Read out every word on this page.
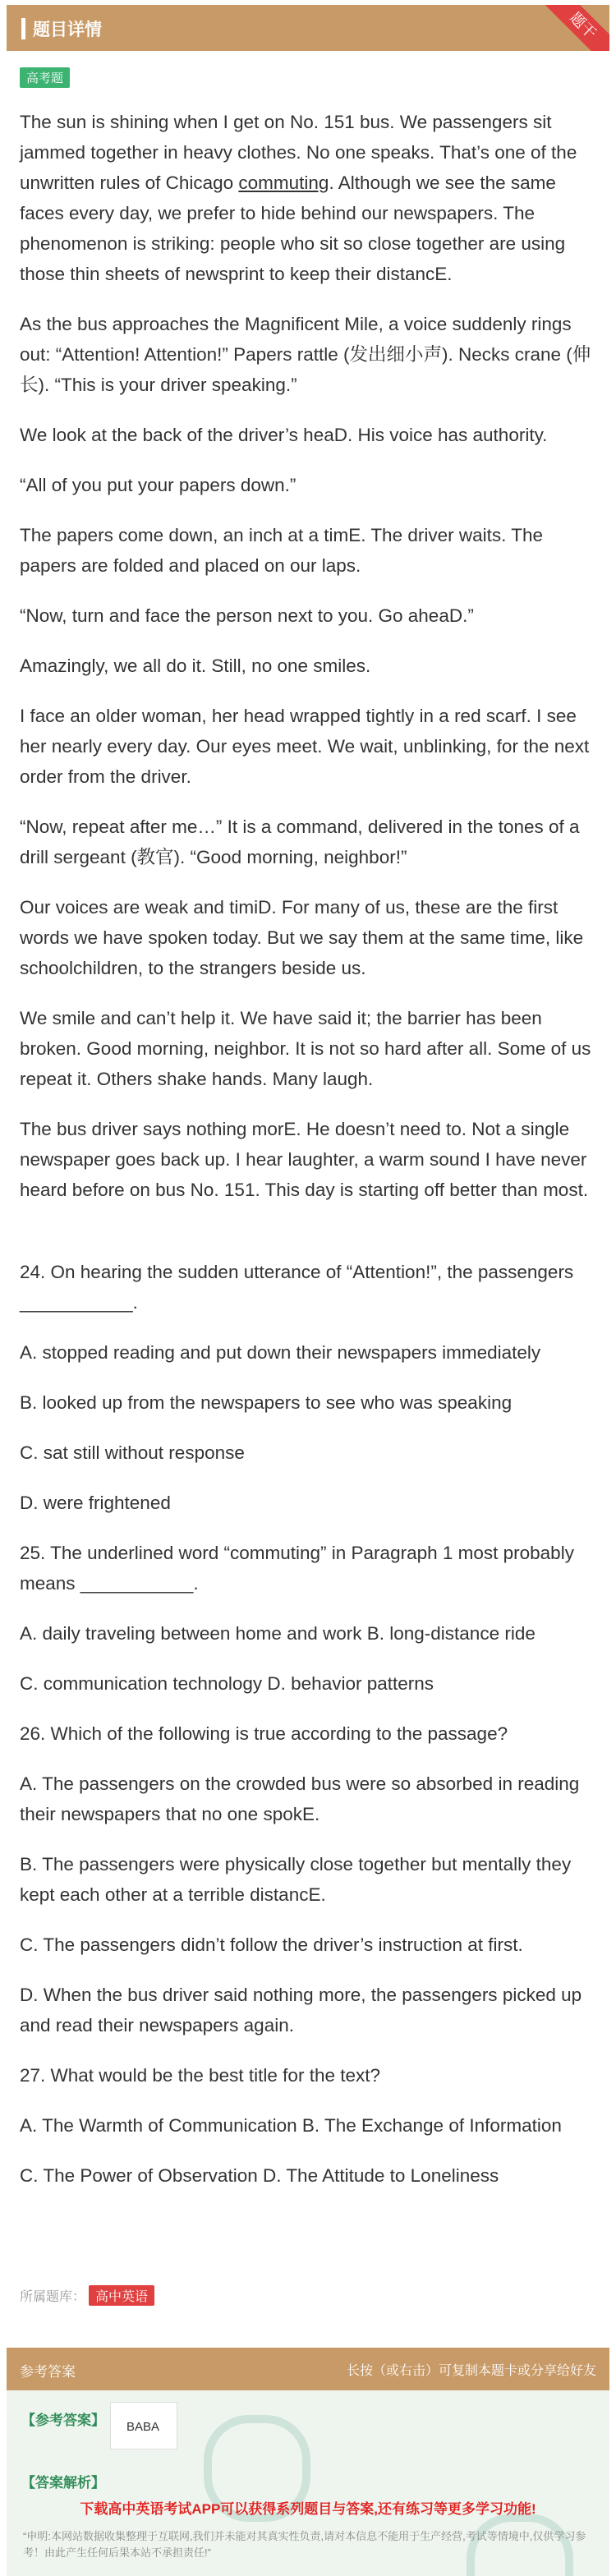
题目详情	题干
高考题

The sun is shining when I get on No. 151 bus. We passengers sit jammed together in heavy clothes. No one speaks. That’s one of the unwritten rules of Chicago commuting. Although we see the same faces every day, we prefer to hide behind our newspapers. The phenomenon is striking: people who sit so close together are using those thin sheets of newsprint to keep their distancE.

As the bus approaches the Magnificent Mile, a voice suddenly rings out: “Attention! Attention!” Papers rattle (发出细小声). Necks crane (伸长). “This is your driver speaking.”

We look at the back of the driver’s heaD. His voice has authority.

“All of you put your papers down.”

The papers come down, an inch at a timE. The driver waits. The papers are folded and placed on our laps.

“Now, turn and face the person next to you. Go aheaD.”

Amazingly, we all do it. Still, no one smiles.

I face an older woman, her head wrapped tightly in a red scarf. I see her nearly every day. Our eyes meet. We wait, unblinking, for the next order from the driver.

“Now, repeat after me…” It is a command, delivered in the tones of a drill sergeant (教官). “Good morning, neighbor!”

Our voices are weak and timiD. For many of us, these are the first words we have spoken today. But we say them at the same time, like schoolchildren, to the strangers beside us.

We smile and can’t help it. We have said it; the barrier has been broken. Good morning, neighbor. It is not so hard after all. Some of us repeat it. Others shake hands. Many laugh.

The bus driver says nothing morE. He doesn’t need to. Not a single newspaper goes back up. I hear laughter, a warm sound I have never heard before on bus No. 151. This day is starting off better than most.

24. On hearing the sudden utterance of “Attention!”, the passengers ___________.

A. stopped reading and put down their newspapers immediately

B. looked up from the newspapers to see who was speaking

C. sat still without response

D. were frightened

25. The underlined word “commuting” in Paragraph 1 most probably means ___________.

A. daily traveling between home and work B. long-distance ride

C. communication technology D. behavior patterns

26. Which of the following is true according to the passage?

A. The passengers on the crowded bus were so absorbed in reading their newspapers that no one spokE.

B. The passengers were physically close together but mentally they kept each other at a terrible distancE.

C. The passengers didn’t follow the driver’s instruction at first.

D. When the bus driver said nothing more, the passengers picked up and read their newspapers again.

27. What would be the best title for the text?

A. The Warmth of Communication B. The Exchange of Information

C. The Power of Observation D. The Attitude to Loneliness

所属题库： 高中英语
参考答案	长按（或右击）可复制本题卡或分享给好友
【参考答案】 BABA
【答案解析】
下载高中英语考试APP可以获得系列题目与答案,还有练习等更多学习功能!
“申明:本网站数据收集整理于互联网,我们并未能对其真实性负责,请对本信息不能用于生产经营,考试等情境中,仅供学习参考！由此产生任何后果本站不承担责任!”
